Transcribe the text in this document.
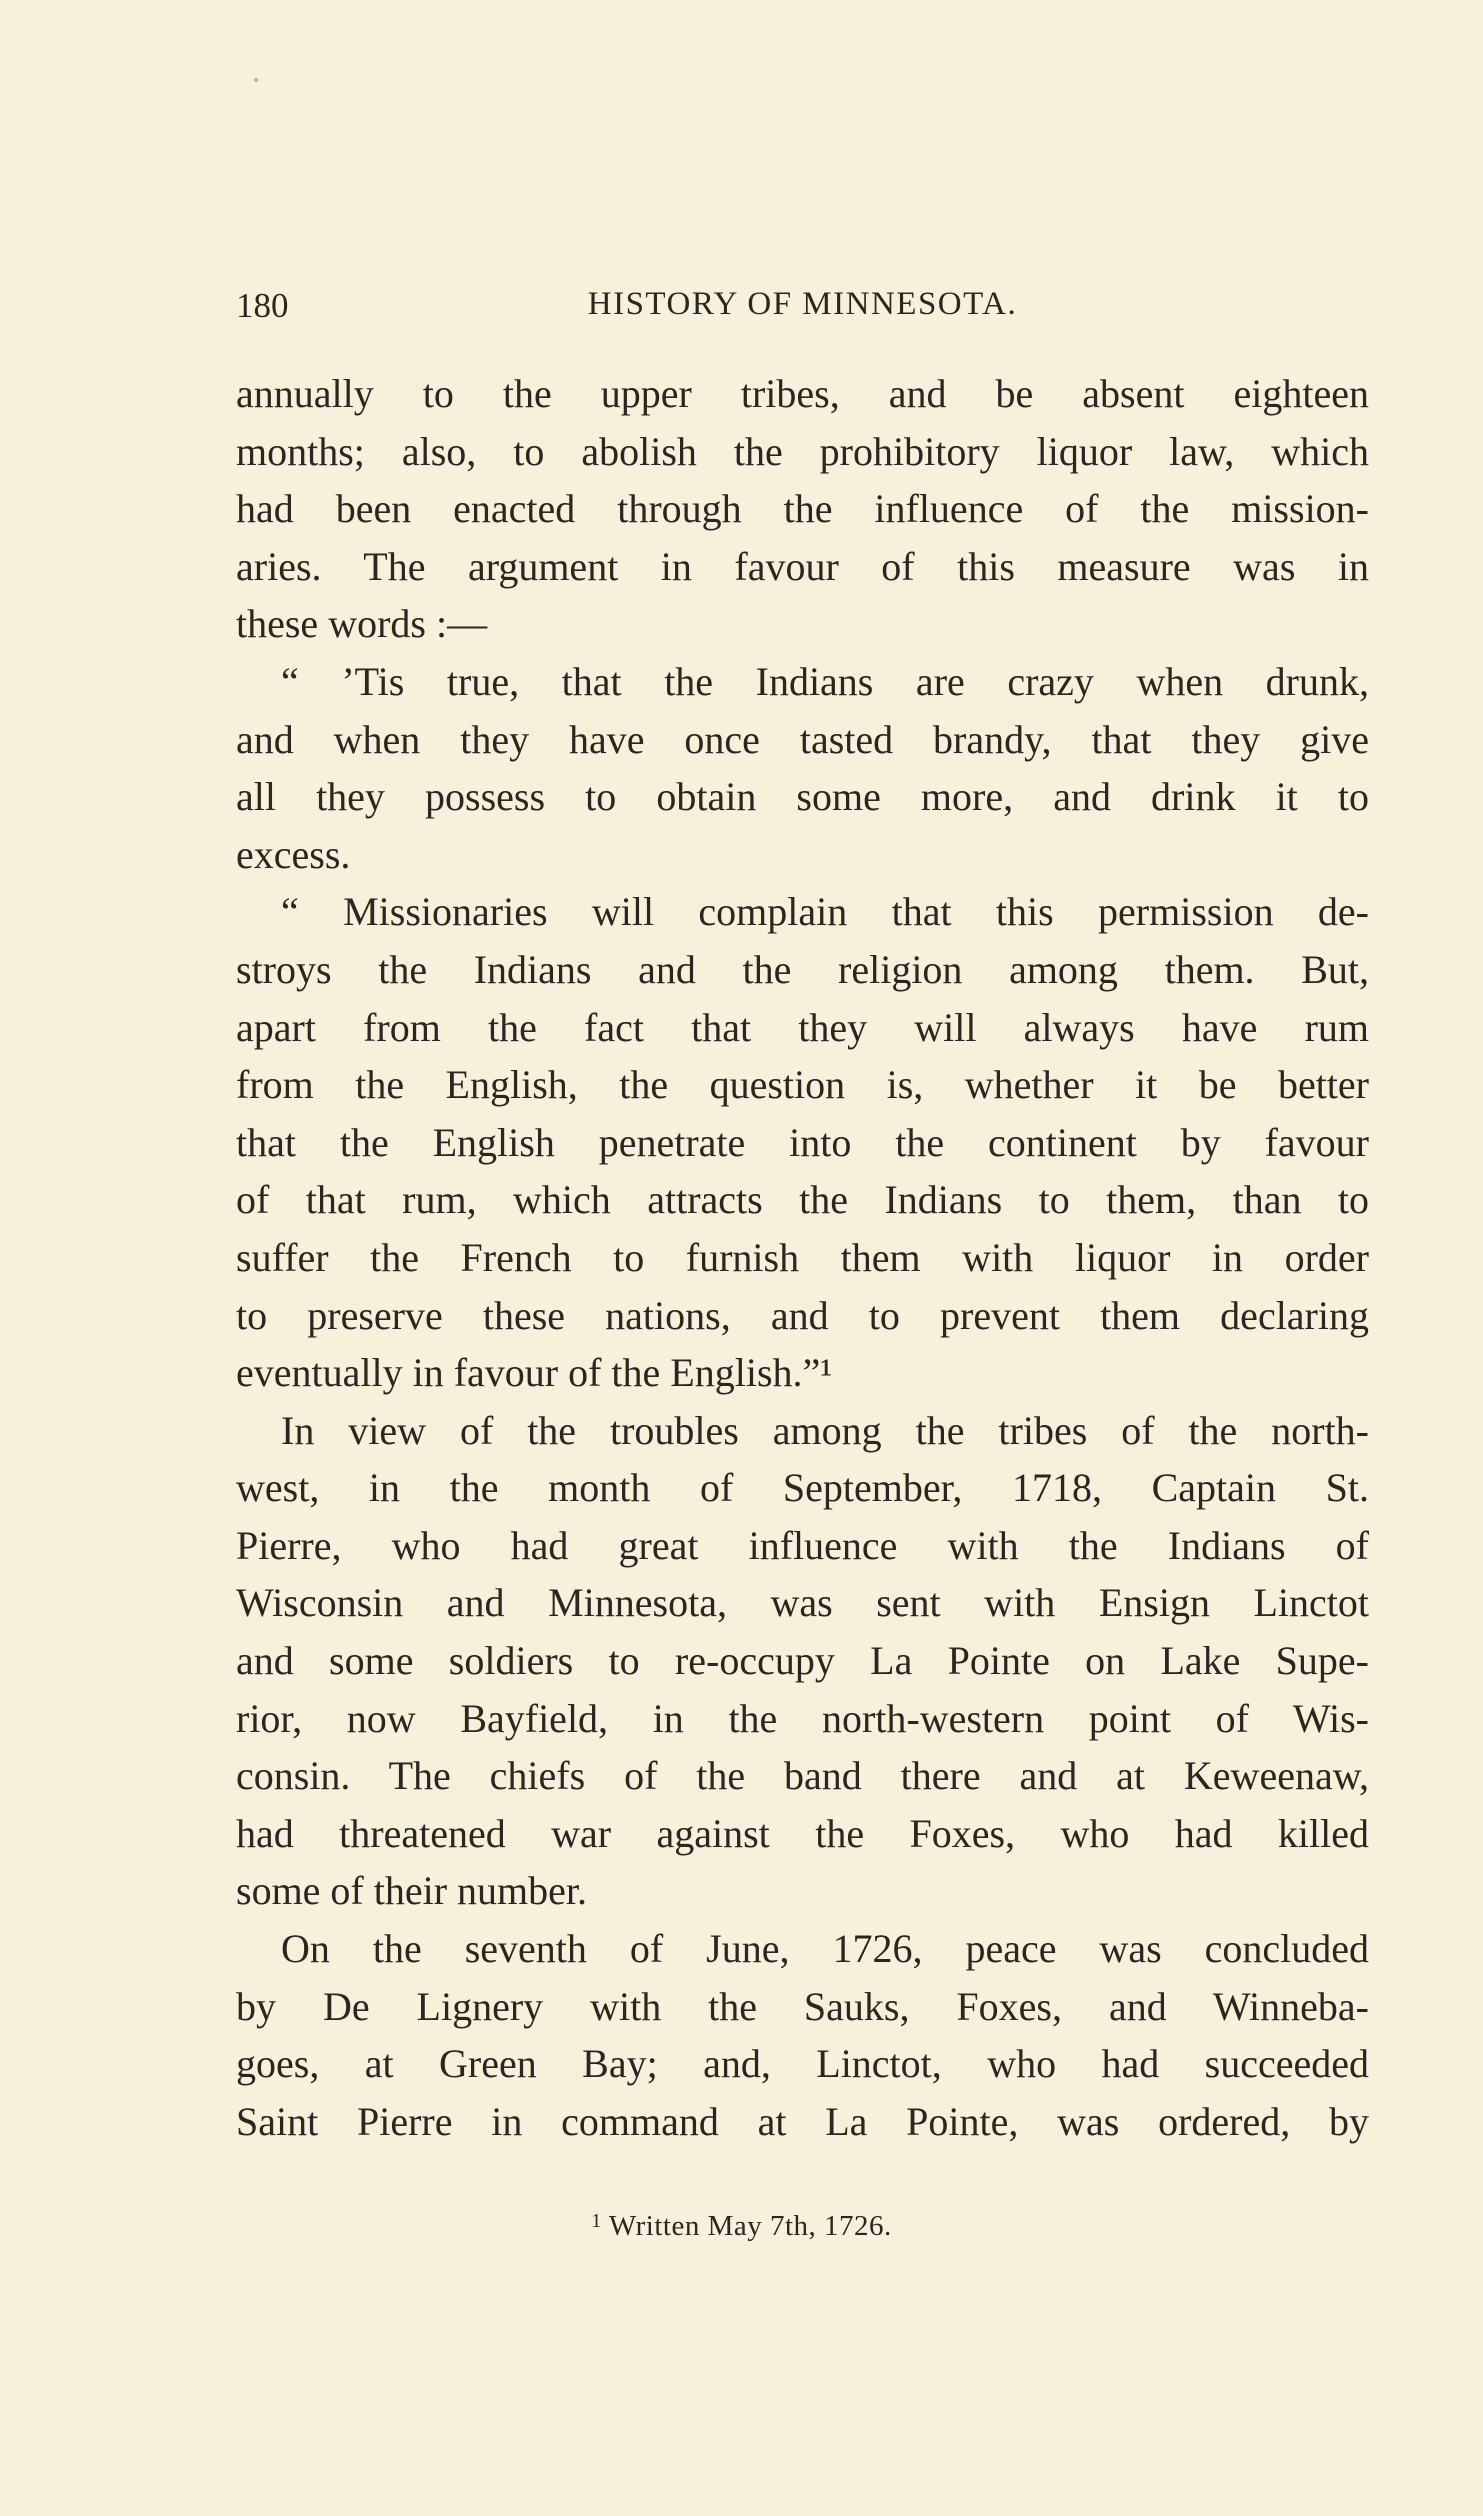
180	HISTORY OF MINNESOTA.
annually to the upper tribes, and be absent eighteen
months; also, to abolish the prohibitory liquor law, which
had been enacted through the influence of the mission-
aries. The argument in favour of this measure was in
these words :—
“ ’Tis true, that the Indians are crazy when drunk,
and when they have once tasted brandy, that they give
all they possess to obtain some more, and drink it to
excess.
“ Missionaries will complain that this permission de-
stroys the Indians and the religion among them. But,
apart from the fact that they will always have rum
from the English, the question is, whether it be better
that the English penetrate into the continent by favour
of that rum, which attracts the Indians to them, than to
suffer the French to furnish them with liquor in order
to preserve these nations, and to prevent them declaring
eventually in favour of the English.”¹
In view of the troubles among the tribes of the north-
west, in the month of September, 1718, Captain St.
Pierre, who had great influence with the Indians of
Wisconsin and Minnesota, was sent with Ensign Linctot
and some soldiers to re-occupy La Pointe on Lake Supe-
rior, now Bayfield, in the north-western point of Wis-
consin. The chiefs of the band there and at Keweenaw,
had threatened war against the Foxes, who had killed
some of their number.
On the seventh of June, 1726, peace was concluded
by De Lignery with the Sauks, Foxes, and Winneba-
goes, at Green Bay; and, Linctot, who had succeeded
Saint Pierre in command at La Pointe, was ordered, by
$^1$ Written May 7th, 1726.
